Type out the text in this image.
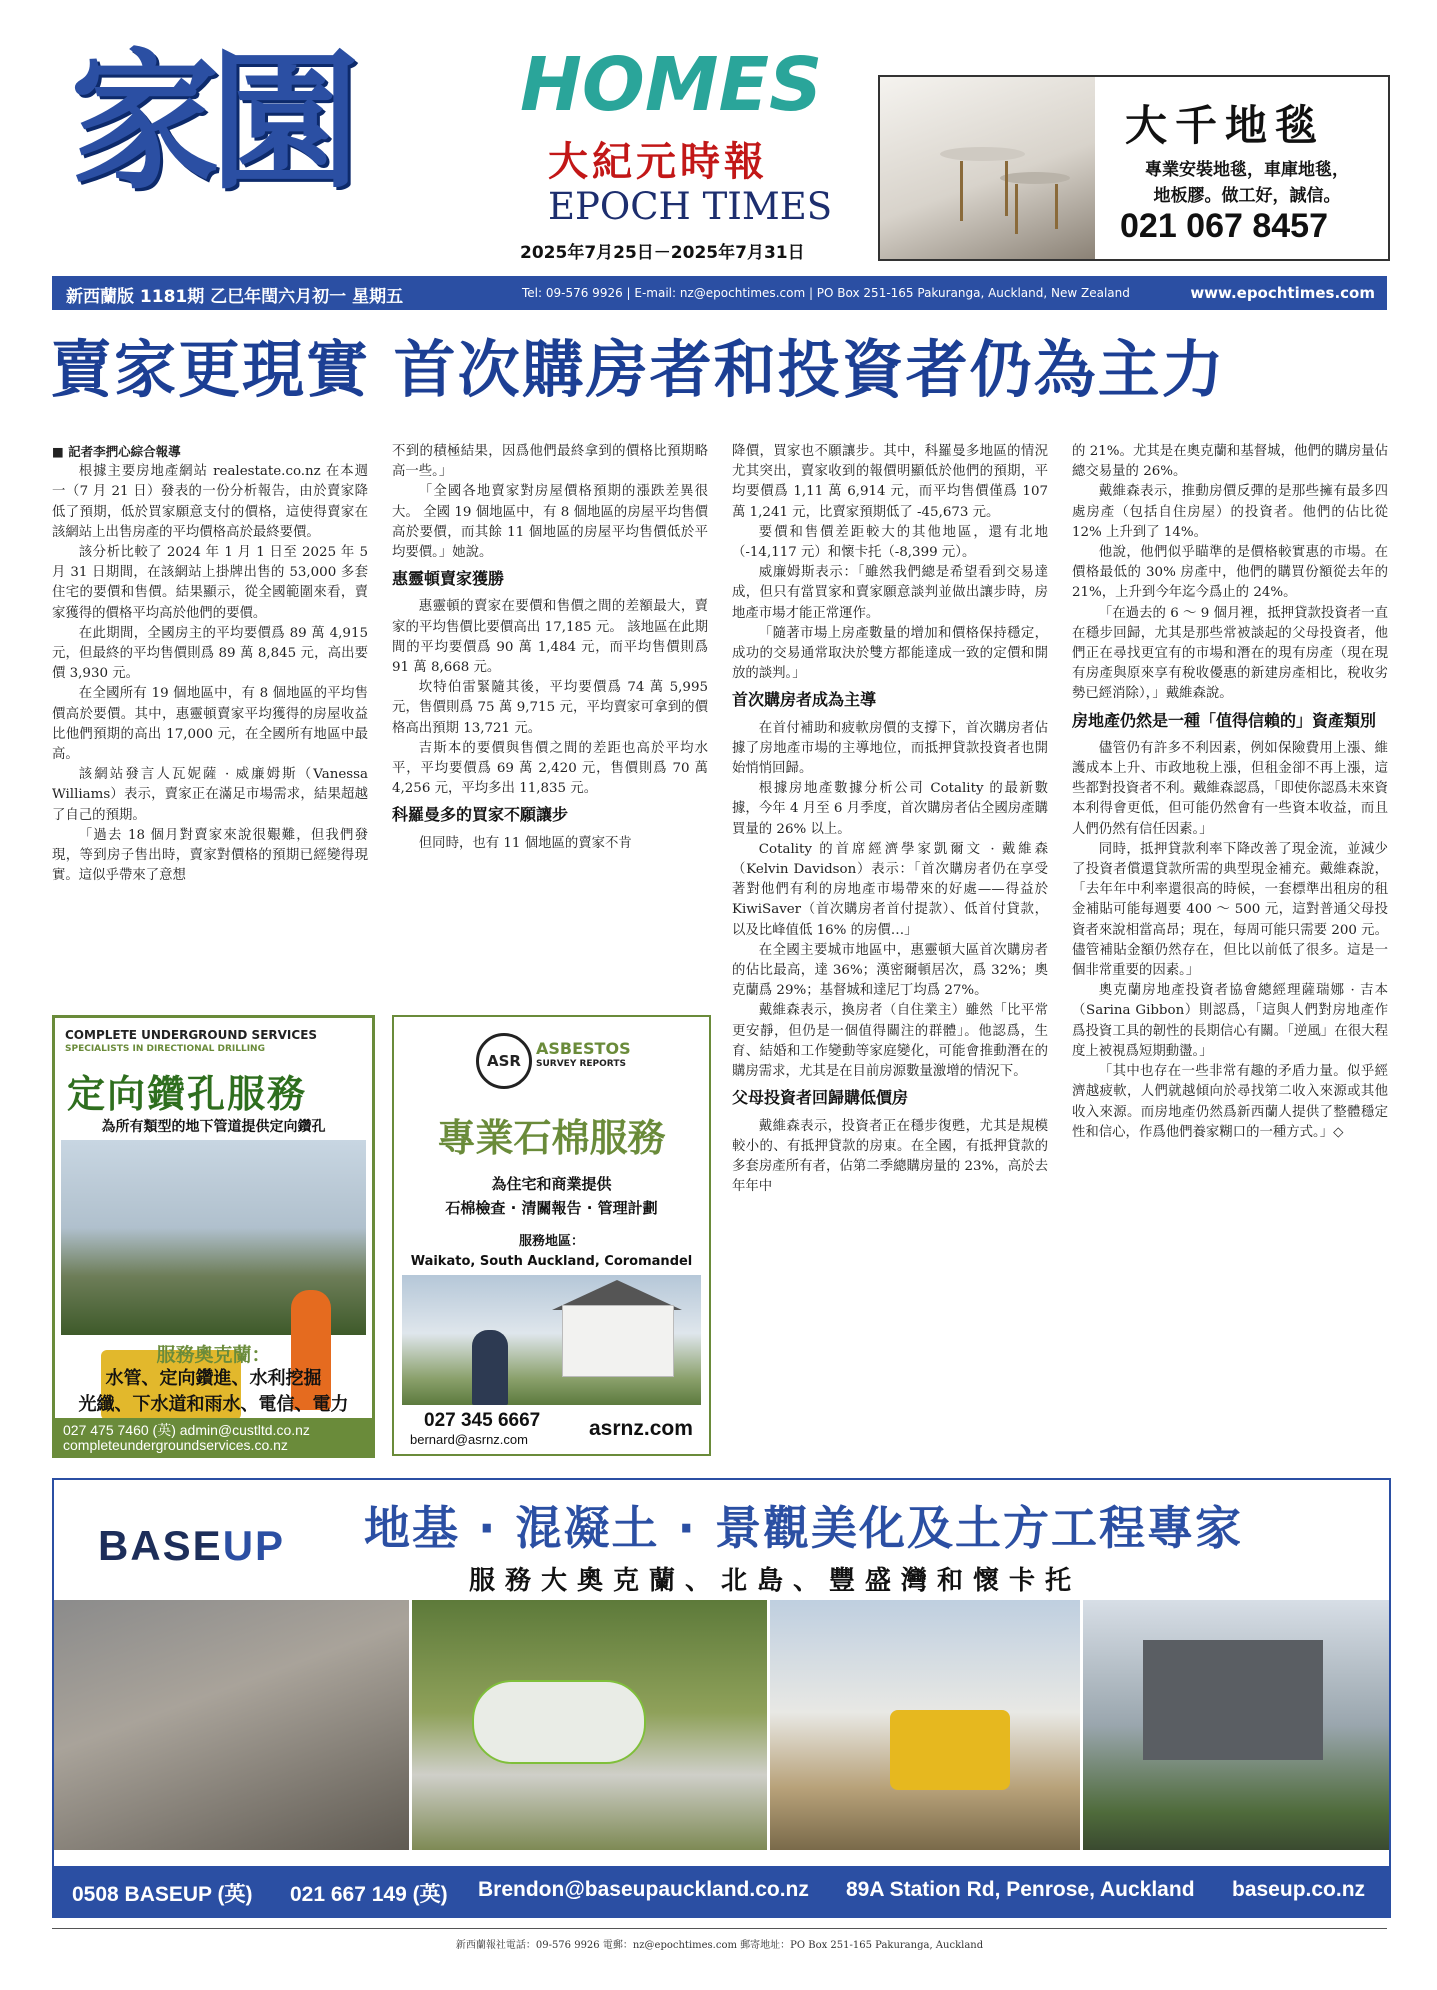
家園 HOMES
大紀元時報
EPOCH TIMES
2025年7月25日－2025年7月31日
大千地毯
專業安裝地毯，車庫地毯，
地板膠。做工好，誠信。
021 067 8457
新西蘭版 1181期 乙巳年閏六月初一 星期五	Tel: 09-576 9926 | E-mail: nz@epochtimes.com | PO Box 251-165 Pakuranga, Auckland, New Zealand	www.epochtimes.com
賣家更現實 首次購房者和投資者仍為主力

■ 記者李捫心綜合報導

根據主要房地產網站 realestate.co.nz 在本週一（7 月 21 日）發表的一份分析報告，由於賣家降低了預期，低於買家願意支付的價格，這使得賣家在該網站上出售房產的平均價格高於最終要價。

該分析比較了 2024 年 1 月 1 日至 2025 年 5 月 31 日期間，在該網站上掛牌出售的 53,000 多套住宅的要價和售價。結果顯示，從全國範圍來看，賣家獲得的價格平均高於他們的要價。

在此期間，全國房主的平均要價爲 89 萬 4,915 元，但最終的平均售價則爲 89 萬 8,845 元，高出要價 3,930 元。

在全國所有 19 個地區中，有 8 個地區的平均售價高於要價。其中，惠靈頓賣家平均獲得的房屋收益比他們預期的高出 17,000 元，在全國所有地區中最高。

該網站發言人瓦妮薩 · 威廉姆斯（Vanessa Williams）表示，賣家正在滿足市場需求，結果超越了自己的預期。

「過去 18 個月對賣家來說很艱難，但我們發現，等到房子售出時，賣家對價格的預期已經變得現實。這似乎帶來了意想

不到的積極結果，因爲他們最終拿到的價格比預期略高一些。」

「全國各地賣家對房屋價格預期的漲跌差異很大。 全國 19 個地區中，有 8 個地區的房屋平均售價高於要價，而其餘 11 個地區的房屋平均售價低於平均要價。」她說。

惠靈頓賣家獲勝

惠靈頓的賣家在要價和售價之間的差額最大，賣家的平均售價比要價高出 17,185 元。 該地區在此期間的平均要價爲 90 萬 1,484 元，而平均售價則爲 91 萬 8,668 元。

坎特伯雷緊隨其後，平均要價爲 74 萬 5,995 元，售價則爲 75 萬 9,715 元，平均賣家可拿到的價格高出預期 13,721 元。

吉斯本的要價與售價之間的差距也高於平均水平，平均要價爲 69 萬 2,420 元，售價則爲 70 萬 4,256 元，平均多出 11,835 元。

科羅曼多的買家不願讓步

但同時，也有 11 個地區的賣家不肯

降價，買家也不願讓步。其中，科羅曼多地區的情況尤其突出，賣家收到的報價明顯低於他們的預期，平均要價爲 1,11 萬 6,914 元，而平均售價僅爲 107 萬 1,241 元，比賣家預期低了 -45,673 元。

要價和售價差距較大的其他地區，還有北地（-14,117 元）和懷卡托（-8,399 元）。

威廉姆斯表示：「雖然我們總是希望看到交易達成，但只有當買家和賣家願意談判並做出讓步時，房地產市場才能正常運作。

「隨著市場上房產數量的增加和價格保持穩定，成功的交易通常取決於雙方都能達成一致的定價和開放的談判。」

首次購房者成為主導

在首付補助和疲軟房價的支撐下，首次購房者佔據了房地產市場的主導地位，而抵押貸款投資者也開始悄悄回歸。

根據房地產數據分析公司 Cotality 的最新數據，今年 4 月至 6 月季度，首次購房者佔全國房產購買量的 26% 以上。

Cotality 的首席經濟學家凱爾文 · 戴維森（Kelvin Davidson）表示：「首次購房者仍在享受著對他們有利的房地產市場帶來的好處——得益於 KiwiSaver（首次購房者首付提款）、低首付貸款，以及比峰值低 16% 的房價…」

在全國主要城市地區中，惠靈頓大區首次購房者的佔比最高，達 36%；漢密爾頓居次，爲 32%；奧克蘭爲 29%；基督城和達尼丁均爲 27%。

戴維森表示，換房者（自住業主）雖然「比平常更安靜，但仍是一個值得關注的群體」。他認爲，生育、結婚和工作變動等家庭變化，可能會推動潛在的購房需求，尤其是在目前房源數量激增的情況下。

父母投資者回歸購低價房

戴維森表示，投資者正在穩步復甦，尤其是規模較小的、有抵押貸款的房東。在全國，有抵押貸款的多套房產所有者，佔第二季總購房量的 23%，高於去年年中

的 21%。尤其是在奧克蘭和基督城，他們的購房量佔總交易量的 26%。

戴維森表示，推動房價反彈的是那些擁有最多四處房產（包括自住房屋）的投資者。他們的佔比從 12% 上升到了 14%。

他說，他們似乎瞄準的是價格較實惠的市場。在價格最低的 30% 房產中，他們的購買份額從去年的 21%，上升到今年迄今爲止的 24%。

「在過去的 6 ～ 9 個月裡，抵押貸款投資者一直在穩步回歸，尤其是那些常被談起的父母投資者，他們正在尋找更宜有的市場和潛在的現有房產（現在現有房產與原來享有稅收優惠的新建房產相比，稅收劣勢已經消除），」戴維森說。

房地產仍然是一種「值得信賴的」資產類別

儘管仍有許多不利因素，例如保險費用上漲、維護成本上升、市政地稅上漲，但租金卻不再上漲，這些都對投資者不利。戴維森認爲，「即使你認爲未來資本利得會更低，但可能仍然會有一些資本收益，而且人們仍然有信任因素。」

同時，抵押貸款利率下降改善了現金流，並減少了投資者償還貸款所需的典型現金補充。戴維森說，「去年年中利率還很高的時候，一套標準出租房的租金補貼可能每週要 400 ～ 500 元，這對普通父母投資者來說相當高昂；現在，每周可能只需要 200 元。儘管補貼金額仍然存在，但比以前低了很多。這是一個非常重要的因素。」

奧克蘭房地產投資者協會總經理薩瑞娜 · 吉本（Sarina Gibbon）則認爲，「這與人們對房地產作爲投資工具的韌性的長期信心有關。「逆風」在很大程度上被視爲短期動盪。」

「其中也存在一些非常有趣的矛盾力量。似乎經濟越疲軟，人們就越傾向於尋找第二收入來源或其他收入來源。而房地產仍然爲新西蘭人提供了整體穩定性和信心，作爲他們養家糊口的一種方式。」◇

COMPLETE UNDERGROUND SERVICES
SPECIALISTS IN DIRECTIONAL DRILLING
定向鑽孔服務
為所有類型的地下管道提供定向鑽孔
服務奧克蘭：
水管、定向鑽進、水利挖掘
光纖、下水道和雨水、電信、電力
027 475 7460 (英) admin@custltd.co.nz
completeundergroundservices.co.nz
ASR
ASBESTOS
SURVEY REPORTS
專業石棉服務
為住宅和商業提供
石棉檢查 · 清關報告 · 管理計劃
服務地區：
Waikato, South Auckland, Coromandel
027 345 6667
bernard@asrnz.com	asrnz.com
BASEUP 地基 · 混凝土 · 景觀美化及土方工程專家
服務大奧克蘭、北島、豐盛灣和懷卡托
0508 BASEUP (英) 021 667 149 (英) Brendon@baseupauckland.co.nz 89A Station Rd, Penrose, Auckland baseup.co.nz
新西蘭報社電話：09-576 9926 電郵：nz@epochtimes.com 郵寄地址：PO Box 251-165 Pakuranga, Auckland
